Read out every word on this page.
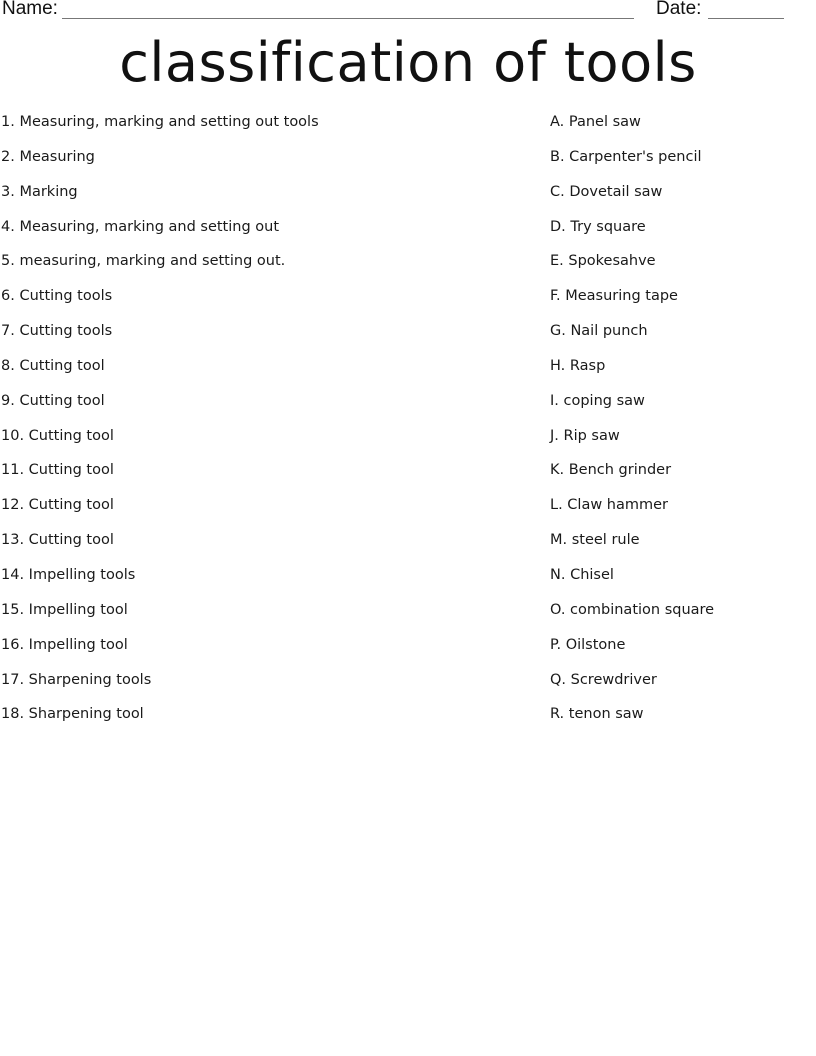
Name:	Date:
classification of tools
1. Measuring, marking and setting out tools
2. Measuring
3. Marking
4. Measuring, marking and setting out
5. measuring, marking and setting out.
6. Cutting tools
7. Cutting tools
8. Cutting tool
9. Cutting tool
10. Cutting tool
11. Cutting tool
12. Cutting tool
13. Cutting tool
14. Impelling tools
15. Impelling tool
16. Impelling tool
17. Sharpening tools
18. Sharpening tool
A. Panel saw
B. Carpenter's pencil
C. Dovetail saw
D. Try square
E. Spokesahve
F. Measuring tape
G. Nail punch
H. Rasp
I. coping saw
J. Rip saw
K. Bench grinder
L. Claw hammer
M. steel rule
N. Chisel
O. combination square
P. Oilstone
Q. Screwdriver
R. tenon saw
